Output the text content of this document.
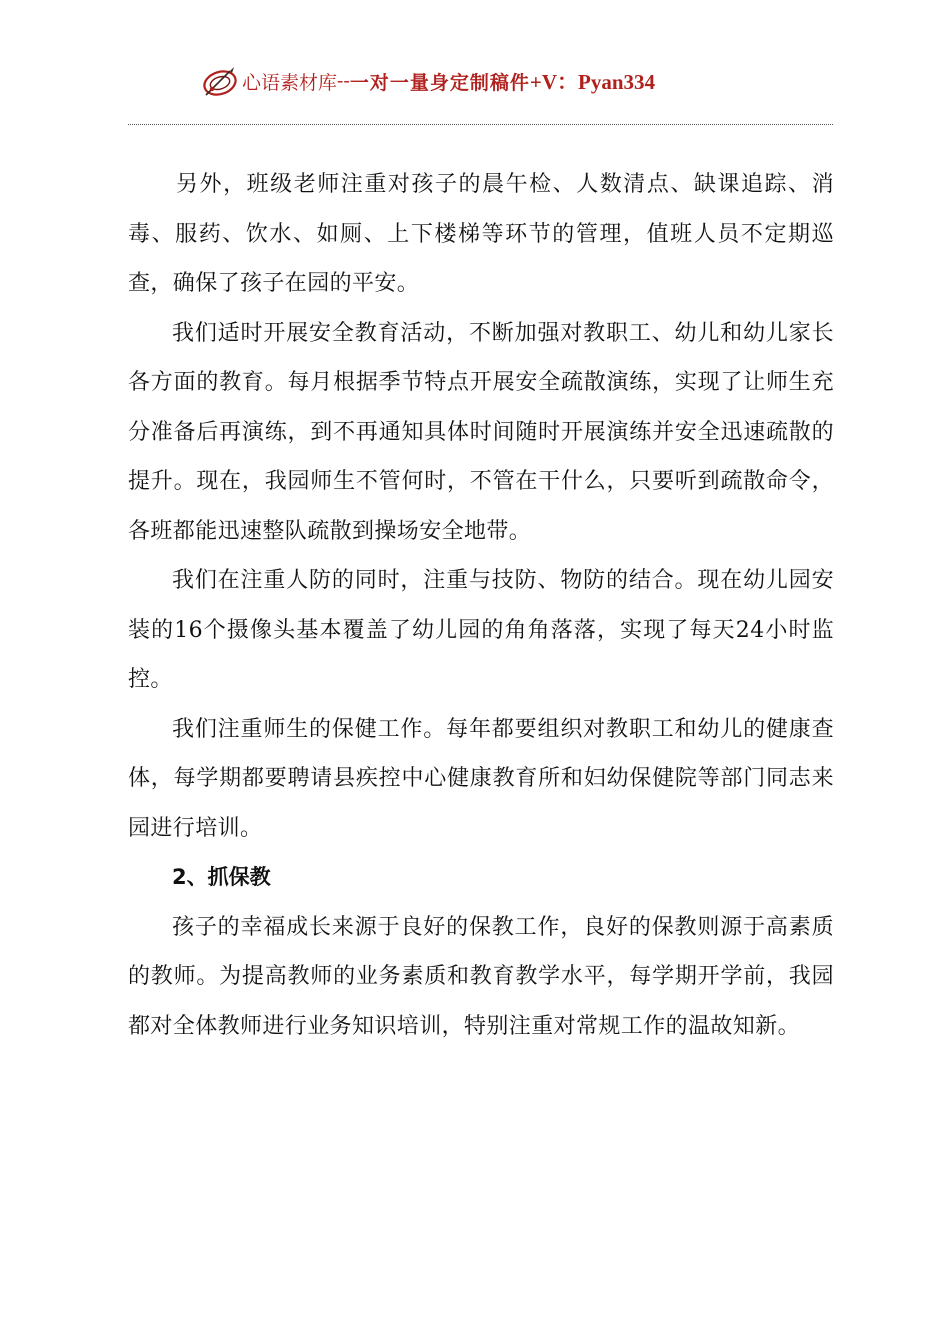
心语素材库 -- 一对一量身定制稿件 +V：Pyan334

另外，班级老师注重对孩子的晨午检、人数清点、缺课追踪、消毒、服药、饮水、如厕、上下楼梯等环节的管理，值班人员不定期巡查，确保了孩子在园的平安。

我们适时开展安全教育活动，不断加强对教职工、幼儿和幼儿家长各方面的教育。每月根据季节特点开展安全疏散演练，实现了让师生充分准备后再演练，到不再通知具体时间随时开展演练并安全迅速疏散的提升。现在，我园师生不管何时，不管在干什么，只要听到疏散命令，各班都能迅速整队疏散到操场安全地带。

我们在注重人防的同时，注重与技防、物防的结合。现在幼儿园安装的16个摄像头基本覆盖了幼儿园的角角落落，实现了每天24小时监控。

我们注重师生的保健工作。每年都要组织对教职工和幼儿的健康查体，每学期都要聘请县疾控中心健康教育所和妇幼保健院等部门同志来园进行培训。

2、抓保教

孩子的幸福成长来源于良好的保教工作，良好的保教则源于高素质的教师。为提高教师的业务素质和教育教学水平，每学期开学前，我园都对全体教师进行业务知识培训，特别注重对常规工作的温故知新。
